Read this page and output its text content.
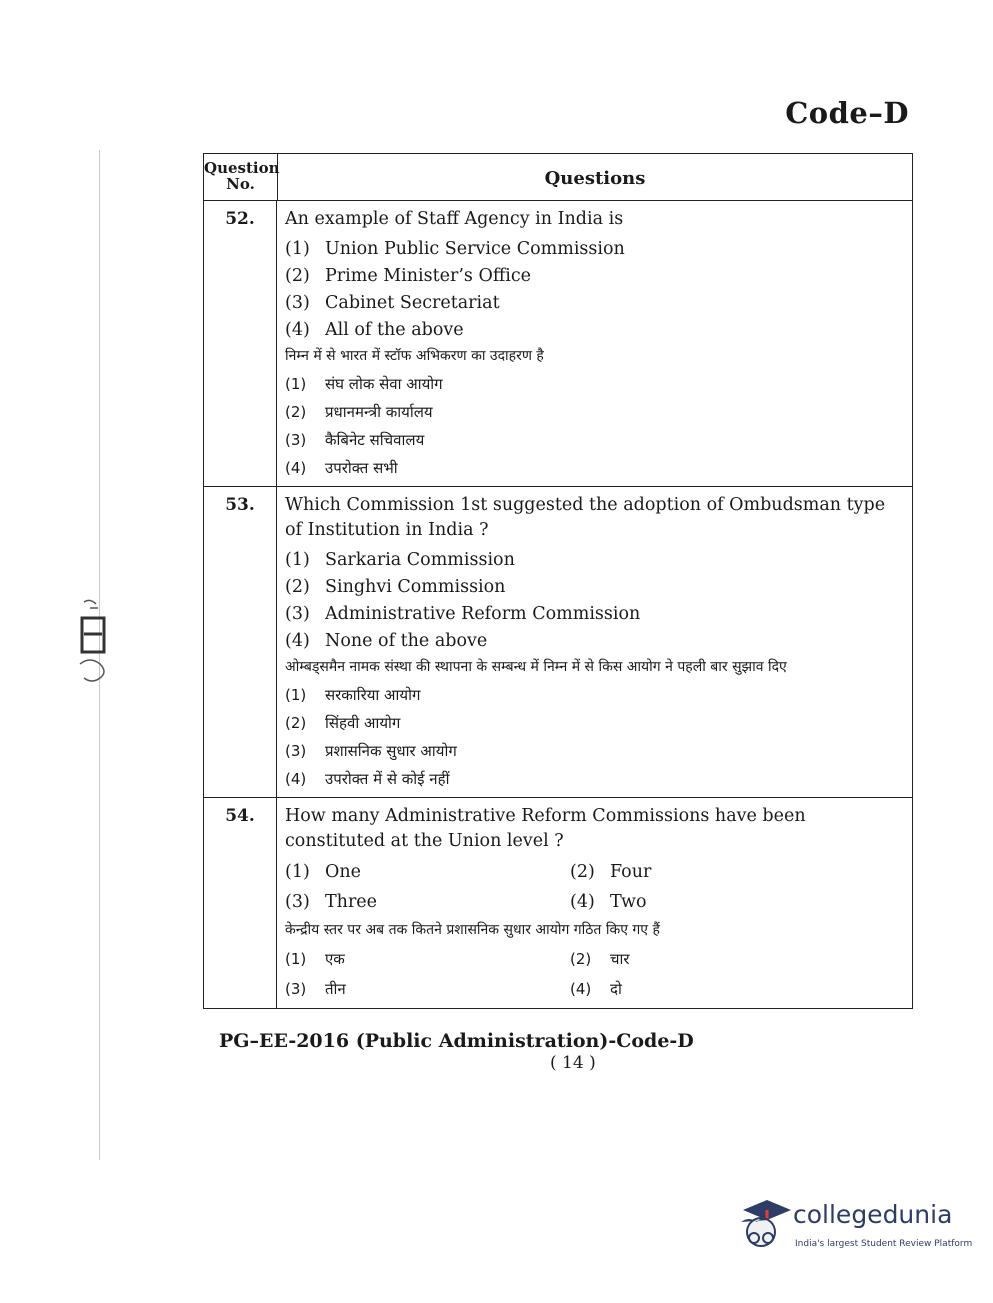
Code–D
Question
No.	Questions
52.	An example of Staff Agency in India is
(1) Union Public Service Commission
(2) Prime Minister’s Office
(3) Cabinet Secretariat
(4) All of the above
निम्न में से भारत में स्टॉफ अभिकरण का उदाहरण है
(1)	संघ लोक सेवा आयोग
(2)	प्रधानमन्त्री कार्यालय
(3)	कैबिनेट सचिवालय
(4)	उपरोक्त सभी
53.	Which Commission 1st suggested the adoption of Ombudsman type of Institution in India ?
(1) Sarkaria Commission
(2) Singhvi Commission
(3) Administrative Reform Commission
(4) None of the above
ओम्बड्समैन नामक संस्था की स्थापना के सम्बन्ध में निम्न में से किस आयोग ने पहली बार सुझाव दिए
(1)	सरकारिया आयोग
(2)	सिंहवी आयोग
(3)	प्रशासनिक सुधार आयोग
(4)	उपरोक्त में से कोई नहीं
54.	How many Administrative Reform Commissions have been constituted at the Union level ?
(1) One	(2) Four
(3) Three	(4) Two
केन्द्रीय स्तर पर अब तक कितने प्रशासनिक सुधार आयोग गठित किए गए हैं
(1)	एक	(2)	चार
(3)	तीन	(4)	दो
PG–EE-2016 (Public Administration)-Code-D
( 14 )
collegedunia
India's largest Student Review Platform
